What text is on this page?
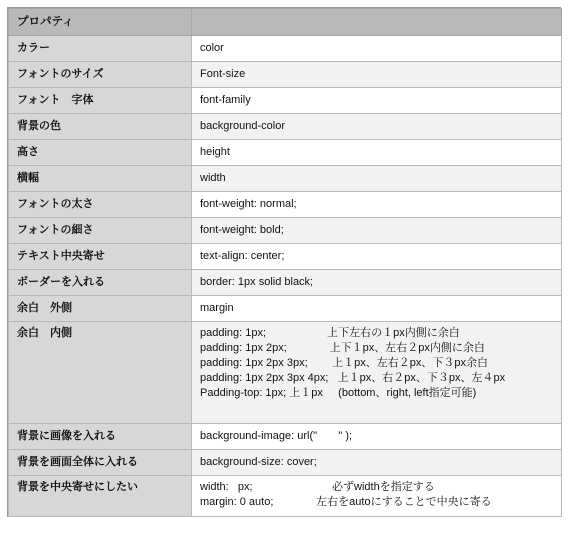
プロパティ	
カラー	color

フォントのサイズ	Font-size

フォント　字体	font-family

背景の色	background-color

高さ	height

横幅	width

フォントの太さ	font-weight: normal;

フォントの細さ	font-weight: bold;

テキスト中央寄せ	text-align: center;

ボーダーを入れる	border: 1px solid black;

余白　外側	margin

余白　内側	padding: 1px;                    上下左右の１px内側に余白
padding: 1px 2px;              上下１px、左右２px内側に余白
padding: 1px 2px 3px;        上１px、左右２px、下３px余白
padding: 1px 2px 3px 4px;   上１px、右２px、下３px、左４px
Padding-top: 1px; 上１px     (bottom、right, left指定可能)

背景に画像を入れる	background-image: url("       " );

背景を画面全体に入れる	background-size: cover;

背景を中央寄せにしたい	width:   px;                          必ずwidthを指定する
margin: 0 auto;              左右をautoにすることで中央に寄る
